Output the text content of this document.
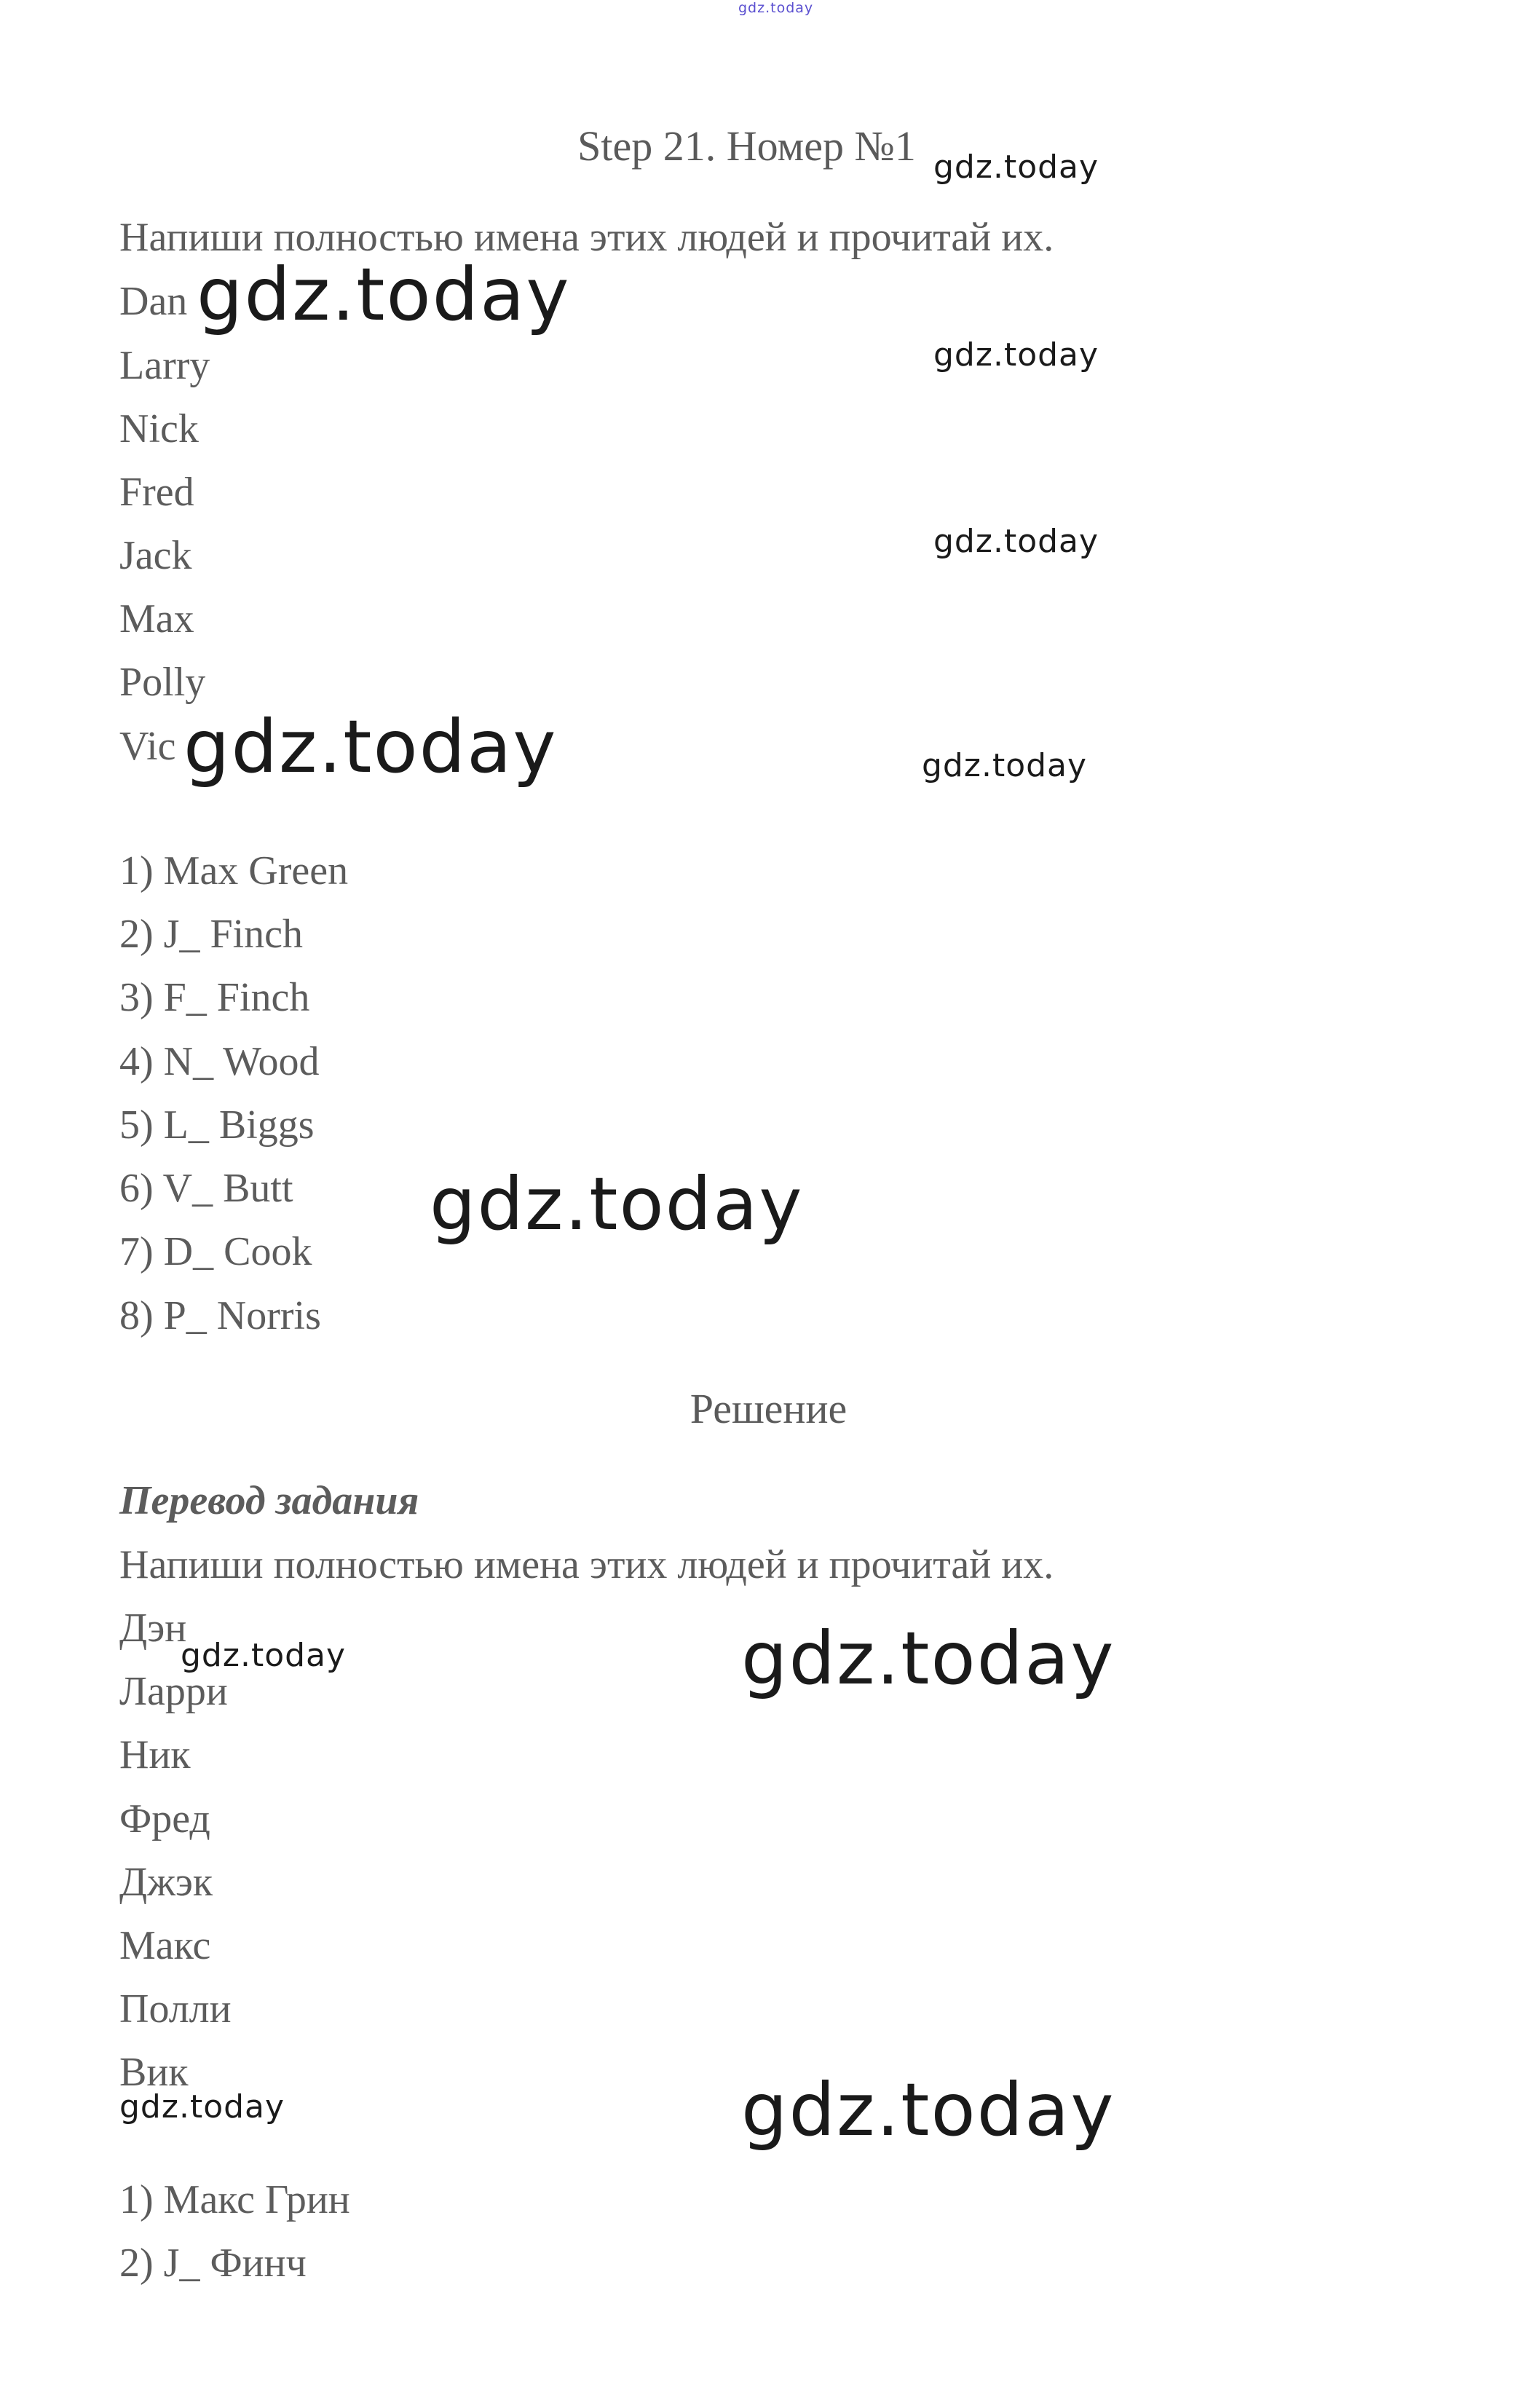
gdz.today
Step 21. Номер №1 gdz.today
Напиши полностью имена этих людей и прочитай их.
Dan gdz.today
Larry	gdz.today
Nick
Fred
Jack	gdz.today
Max
Polly
Vic gdz.today	gdz.today
1) Max Green
2) J_ Finch
3) F_ Finch
4) N_ Wood
5) L_ Biggs
6) V_ Butt gdz.today
7) D_ Cook
8) P_ Norris
Решение
Перевод задания
Напиши полностью имена этих людей и прочитай их.
Дэн
gdz.today	gdz.today
Ларри
Ник
Фред
Джэк
Макс
Полли
Вик
gdz.today	gdz.today
1) Макс Грин
2) J_ Финч
